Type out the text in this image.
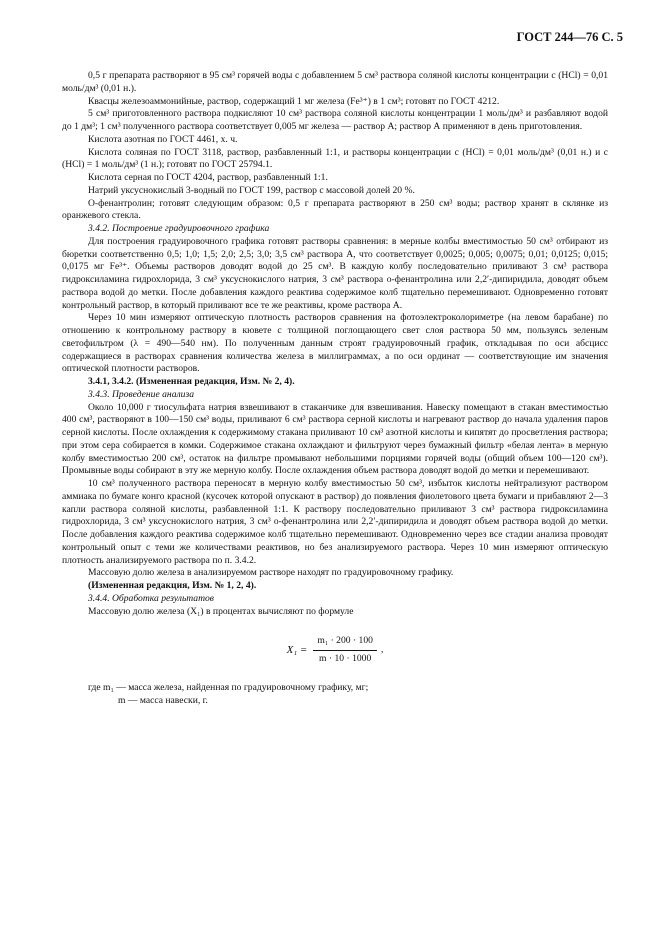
ГОСТ 244—76 С. 5

0,5 г препарата растворяют в 95 см³ горячей воды с добавлением 5 см³ раствора соляной кислоты концентрации с (HCl) = 0,01 моль/дм³ (0,01 н.).

Квасцы железоаммонийные, раствор, содержащий 1 мг железа (Fe³⁺) в 1 см³; готовят по ГОСТ 4212.

5 см³ приготовленного раствора подкисляют 10 см³ раствора соляной кислоты концентрации 1 моль/дм³ и разбавляют водой до 1 дм³; 1 см³ полученного раствора соответствует 0,005 мг железа — раствор А; раствор А применяют в день приготовления.

Кислота азотная по ГОСТ 4461, х. ч.

Кислота соляная по ГОСТ 3118, раствор, разбавленный 1:1, и растворы концентрации с (HCl) = 0,01 моль/дм³ (0,01 н.) и с (HCl) = 1 моль/дм³ (1 н.); готовят по ГОСТ 25794.1.

Кислота серная по ГОСТ 4204, раствор, разбавленный 1:1.

Натрий уксуснокислый 3-водный по ГОСТ 199, раствор с массовой долей 20 %.

О-фенантролин; готовят следующим образом: 0,5 г препарата растворяют в 250 см³ воды; раствор хранят в склянке из оранжевого стекла.

3.4.2. Построение градуировочного графика

Для построения градуировочного графика готовят растворы сравнения: в мерные колбы вместимостью 50 см³ отбирают из бюретки соответственно 0,5; 1,0; 1,5; 2,0; 2,5; 3,0; 3,5 см³ раствора А, что соответствует 0,0025; 0,005; 0,0075; 0,01; 0,0125; 0,015; 0,0175 мг Fe³⁺. Объемы растворов доводят водой до 25 см³. В каждую колбу последовательно приливают 3 см³ раствора гидроксиламина гидрохлорида, 3 см³ уксуснокислого натрия, 3 см³ раствора о-фенантролина или 2,2′-дипиридила, доводят объем раствора водой до метки. После добавления каждого реактива содержимое колб тщательно перемешивают. Одновременно готовят контрольный раствор, в который приливают все те же реактивы, кроме раствора А.

Через 10 мин измеряют оптическую плотность растворов сравнения на фотоэлектроколориметре (на левом барабане) по отношению к контрольному раствору в кювете с толщиной поглощающего свет слоя раствора 50 мм, пользуясь зеленым светофильтром (λ = 490—540 нм). По полученным данным строят градуировочный график, откладывая по оси абсцисс содержащиеся в растворах сравнения количества железа в миллиграммах, а по оси ординат — соответствующие им значения оптической плотности растворов.

3.4.1, 3.4.2. (Измененная редакция, Изм. № 2, 4).

3.4.3. Проведение анализа

Около 10,000 г тиосульфата натрия взвешивают в стаканчике для взвешивания. Навеску помещают в стакан вместимостью 400 см³, растворяют в 100—150 см³ воды, приливают 6 см³ раствора серной кислоты и нагревают раствор до начала удаления паров серной кислоты. После охлаждения к содержимому стакана приливают 10 см³ азотной кислоты и кипятят до просветления раствора; при этом сера собирается в комки. Содержимое стакана охлаждают и фильтруют через бумажный фильтр «белая лента» в мерную колбу вместимостью 200 см³, остаток на фильтре промывают небольшими порциями горячей воды (общий объем 100—120 см³). Промывные воды собирают в эту же мерную колбу. После охлаждения объем раствора доводят водой до метки и перемешивают.

10 см³ полученного раствора переносят в мерную колбу вместимостью 50 см³, избыток кислоты нейтрализуют раствором аммиака по бумаге конго красной (кусочек которой опускают в раствор) до появления фиолетового цвета бумаги и прибавляют 2—3 капли раствора соляной кислоты, разбавленной 1:1. К раствору последовательно приливают 3 см³ раствора гидроксиламина гидрохлорида, 3 см³ уксуснокислого натрия, 3 см³ о-фенантролина или 2,2′-дипиридила и доводят объем раствора водой до метки. После добавления каждого реактива содержимое колб тщательно перемешивают. Одновременно через все стадии анализа проводят контрольный опыт с теми же количествами реактивов, но без анализируемого раствора. Через 10 мин измеряют оптическую плотность анализируемого раствора по п. 3.4.2.

Массовую долю железа в анализируемом растворе находят по градуировочному графику.

(Измененная редакция, Изм. № 1, 2, 4).

3.4.4. Обработка результатов

Массовую долю железа (X₁) в процентах вычисляют по формуле

$X_1 = \frac{\text{m₁ · 200 · 100}}{m \cdot 10 \cdot 1000}$ ,

где m₁ — масса железа, найденная по градуировочному графику, мг;

m — масса навески, г.
